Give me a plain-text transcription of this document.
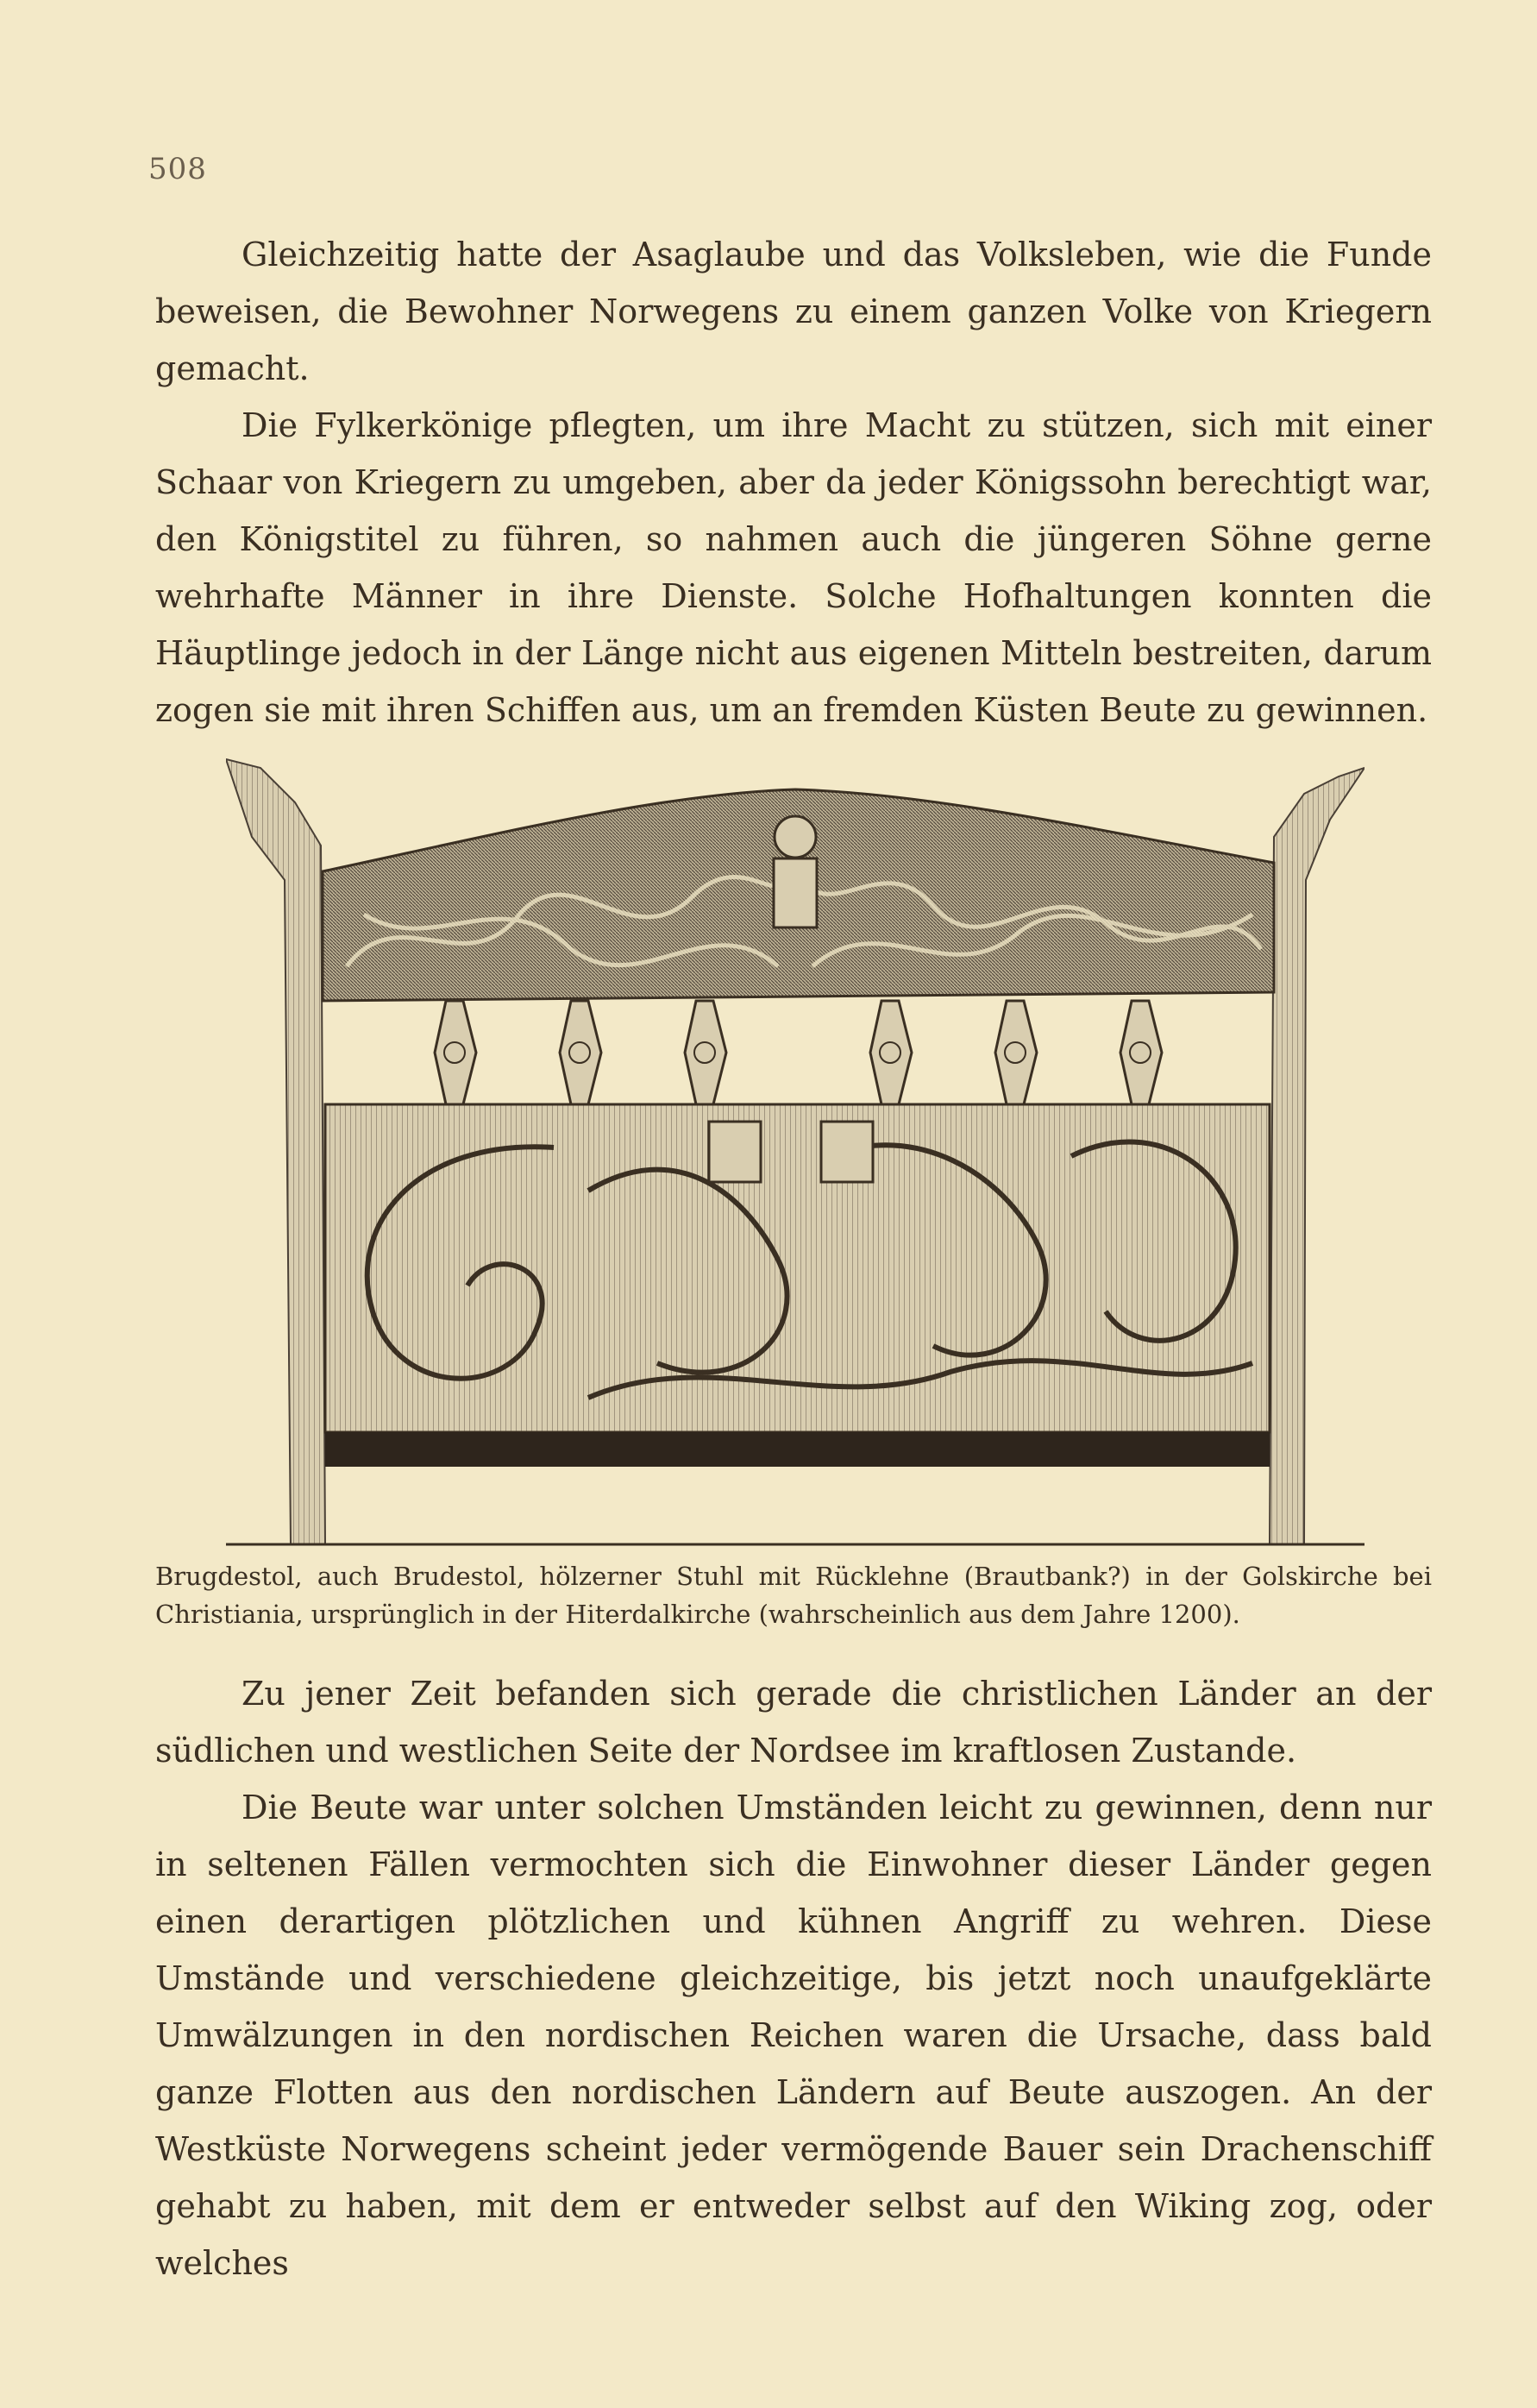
508

Gleichzeitig hatte der Asaglaube und das Volksleben, wie die Funde beweisen, die Bewohner Norwegens zu einem ganzen Volke von Kriegern gemacht.

Die Fylkerkönige pflegten, um ihre Macht zu stützen, sich mit einer Schaar von Kriegern zu umgeben, aber da jeder Königssohn berechtigt war, den Königstitel zu führen, so nahmen auch die jüngeren Söhne gerne wehrhafte Männer in ihre Dienste. Solche Hofhaltungen konnten die Häuptlinge jedoch in der Länge nicht aus eigenen Mitteln bestreiten, darum zogen sie mit ihren Schiffen aus, um an fremden Küsten Beute zu gewinnen.

Brugdestol, auch Brudestol, hölzerner Stuhl mit Rücklehne (Brautbank?) in der Golskirche bei Christiania, ursprünglich in der Hiterdalkirche (wahrscheinlich aus dem Jahre 1200).

Zu jener Zeit befanden sich gerade die christlichen Länder an der südlichen und westlichen Seite der Nordsee im kraftlosen Zustande.

Die Beute war unter solchen Umständen leicht zu gewinnen, denn nur in seltenen Fällen vermochten sich die Einwohner dieser Länder gegen einen derartigen plötzlichen und kühnen Angriff zu wehren. Diese Umstände und verschiedene gleichzeitige, bis jetzt noch unaufgeklärte Umwälzungen in den nordischen Reichen waren die Ursache, dass bald ganze Flotten aus den nordischen Ländern auf Beute auszogen. An der Westküste Norwegens scheint jeder vermögende Bauer sein Drachenschiff gehabt zu haben, mit dem er entweder selbst auf den Wiking zog, oder welches
